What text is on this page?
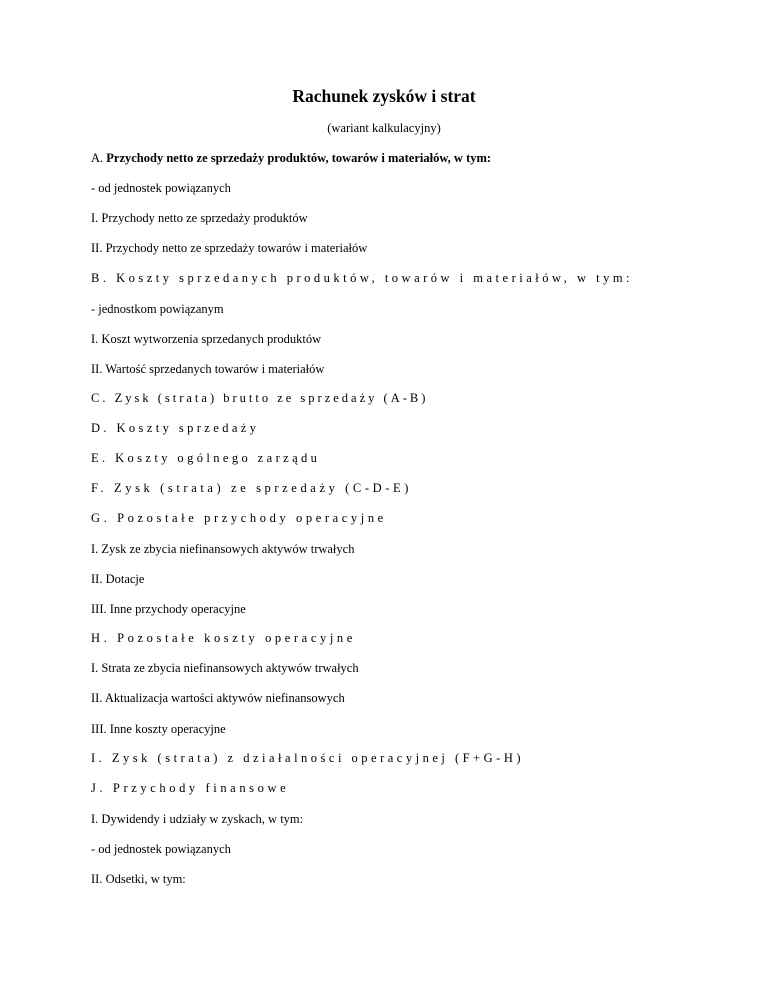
Rachunek zysków i strat

(wariant kalkulacyjny)

A. Przychody netto ze sprzedaży produktów, towarów i materiałów, w tym:

- od jednostek powiązanych

I. Przychody netto ze sprzedaży produktów

II. Przychody netto ze sprzedaży towarów i materiałów

B. Koszty sprzedanych produktów, towarów i materiałów, w tym:

- jednostkom powiązanym

I. Koszt wytworzenia sprzedanych produktów

II. Wartość sprzedanych towarów i materiałów

C. Zysk (strata) brutto ze sprzedaży (A-B)

D. Koszty sprzedaży

E. Koszty ogólnego zarządu

F. Zysk (strata) ze sprzedaży (C-D-E)

G. Pozostałe przychody operacyjne

I. Zysk ze zbycia niefinansowych aktywów trwałych

II. Dotacje

III. Inne przychody operacyjne

H. Pozostałe koszty operacyjne

I. Strata ze zbycia niefinansowych aktywów trwałych

II. Aktualizacja wartości aktywów niefinansowych

III. Inne koszty operacyjne

I. Zysk (strata) z działalności operacyjnej (F+G-H)

J. Przychody finansowe

I. Dywidendy i udziały w zyskach, w tym:

- od jednostek powiązanych

II. Odsetki, w tym:
